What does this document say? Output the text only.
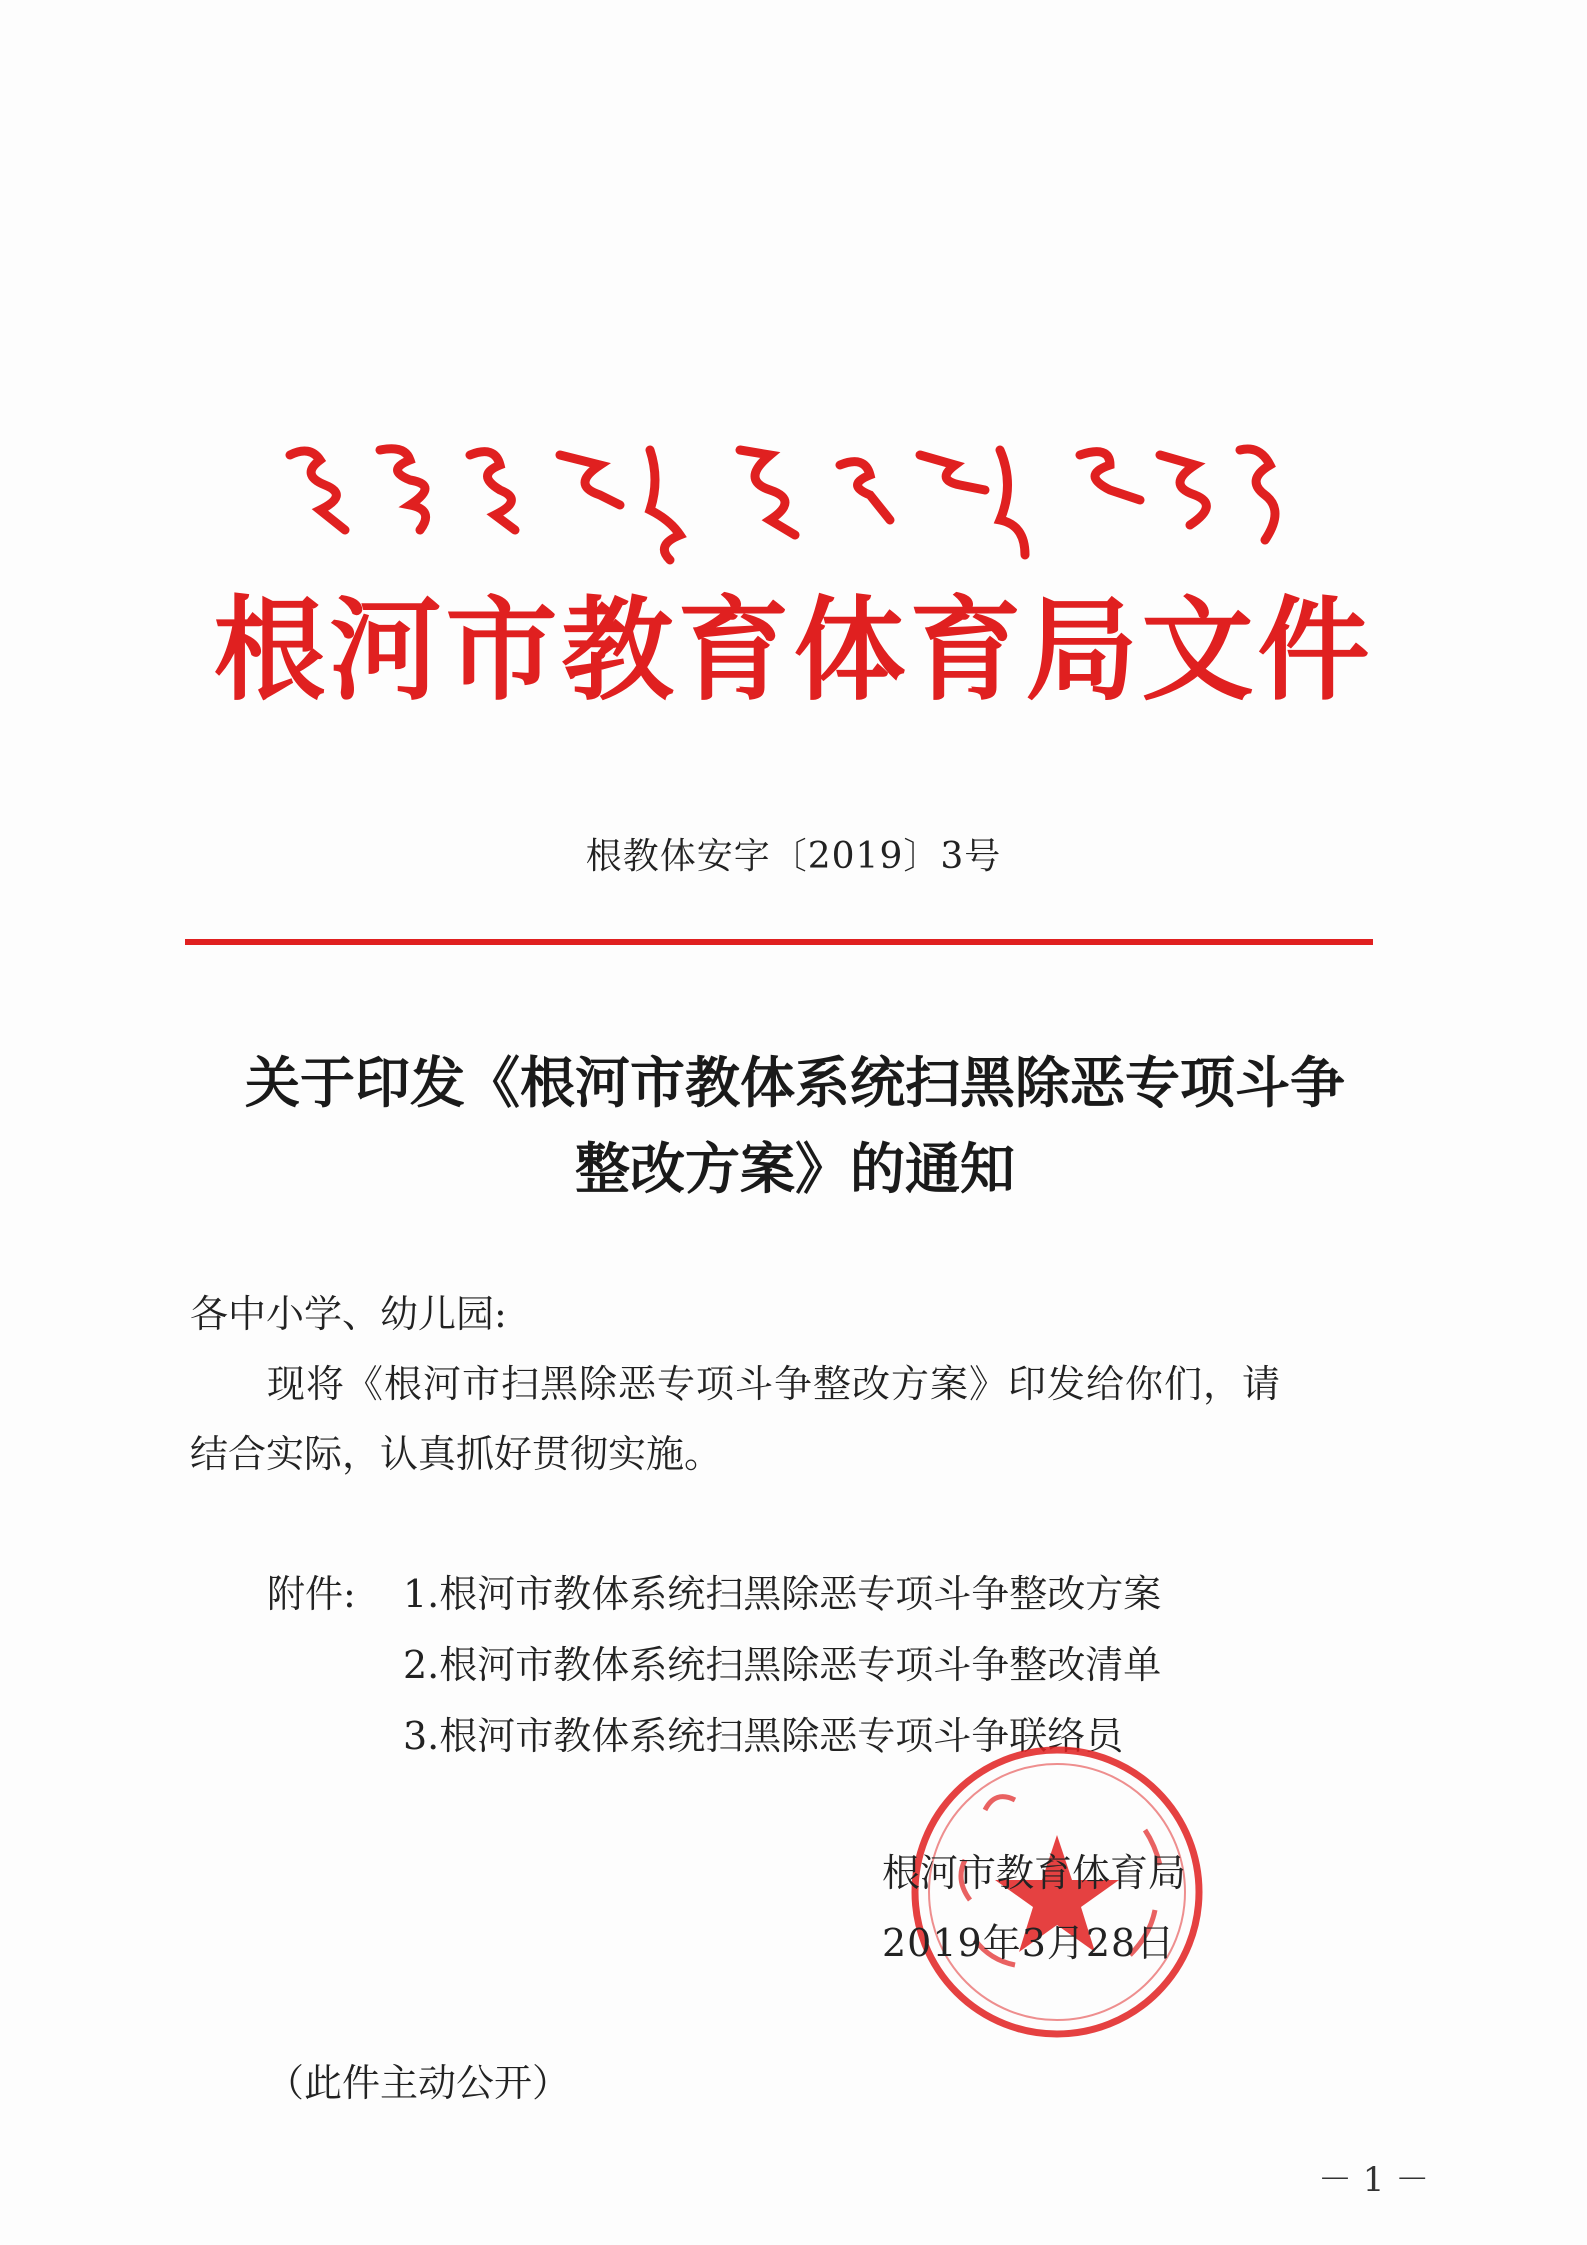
根河市教育体育局文件
根教体安字〔2019〕3号
关于印发《根河市教体系统扫黑除恶专项斗争
整改方案》的通知
各中小学、幼儿园:
现将《根河市扫黑除恶专项斗争整改方案》印发给你们，请
结合实际，认真抓好贯彻实施。
附件: 1.根河市教体系统扫黑除恶专项斗争整改方案
2.根河市教体系统扫黑除恶专项斗争整改清单
3.根河市教体系统扫黑除恶专项斗争联络员
根河市教育体育局
2019年3月28日
（此件主动公开）
－ 1 －
